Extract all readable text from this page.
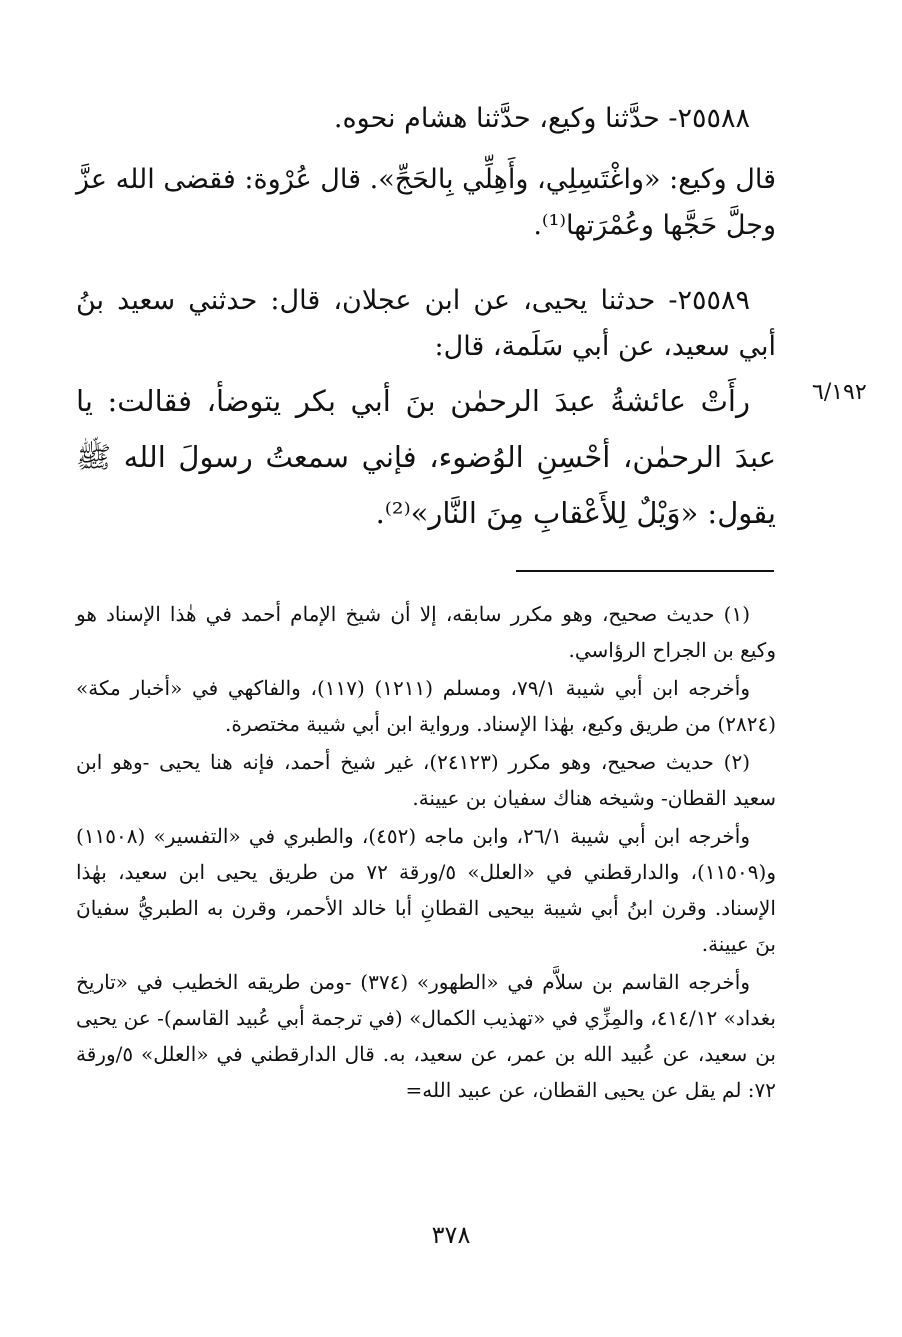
٢٥٥٨٨- حدَّثنا وكيع، حدَّثنا هشام نحوه.

قال وكيع: «واغْتَسِلِي، وأَهِلِّي بِالحَجِّ». قال عُرْوة: فقضى الله عزَّ وجلَّ حَجَّها وعُمْرَتها⁽¹⁾.

٢٥٥٨٩- حدثنا يحيى، عن ابن عجلان، قال: حدثني سعيد بنُ أبي سعيد، عن أبي سَلَمة، قال:

رأَتْ عائشةُ عبدَ الرحمٰن بنَ أبي بكر يتوضأ، فقالت: يا عبدَ الرحمٰن، أحْسِنِ الوُضوء، فإني سمعتُ رسولَ الله ﷺ يقول: «وَيْلٌ لِلأَعْقابِ مِنَ النَّار»⁽²⁾.

٦/١٩٢

(١) حديث صحيح، وهو مكرر سابقه، إلا أن شيخ الإمام أحمد في هٰذا الإسناد هو وكيع بن الجراح الرؤاسي.

وأخرجه ابن أبي شيبة ٧٩/١، ومسلم (١٢١١) (١١٧)، والفاكهي في «أخبار مكة» (٢٨٢٤) من طريق وكيع، بهٰذا الإسناد. ورواية ابن أبي شيبة مختصرة.

(٢) حديث صحيح، وهو مكرر (٢٤١٢٣)، غير شيخ أحمد، فإنه هنا يحيى -وهو ابن سعيد القطان- وشيخه هناك سفيان بن عيينة.

وأخرجه ابن أبي شيبة ٢٦/١، وابن ماجه (٤٥٢)، والطبري في «التفسير» (١١٥٠٨) و(١١٥٠٩)، والدارقطني في «العلل» ٥/ورقة ٧٢ من طريق يحيى ابن سعيد، بهٰذا الإسناد. وقرن ابنُ أبي شيبة بيحيى القطانِ أبا خالد الأحمر، وقرن به الطبريُّ سفيانَ بنَ عيينة.

وأخرجه القاسم بن سلاَّم في «الطهور» (٣٧٤) -ومن طريقه الخطيب في «تاريخ بغداد» ٤١٤/١٢، والمِزِّي في «تهذيب الكمال» (في ترجمة أبي عُبيد القاسم)- عن يحيى بن سعيد، عن عُبيد الله بن عمر، عن سعيد، به. قال الدارقطني في «العلل» ٥/ورقة ٧٢: لم يقل عن يحيى القطان، عن عبيد الله=

٣٧٨
